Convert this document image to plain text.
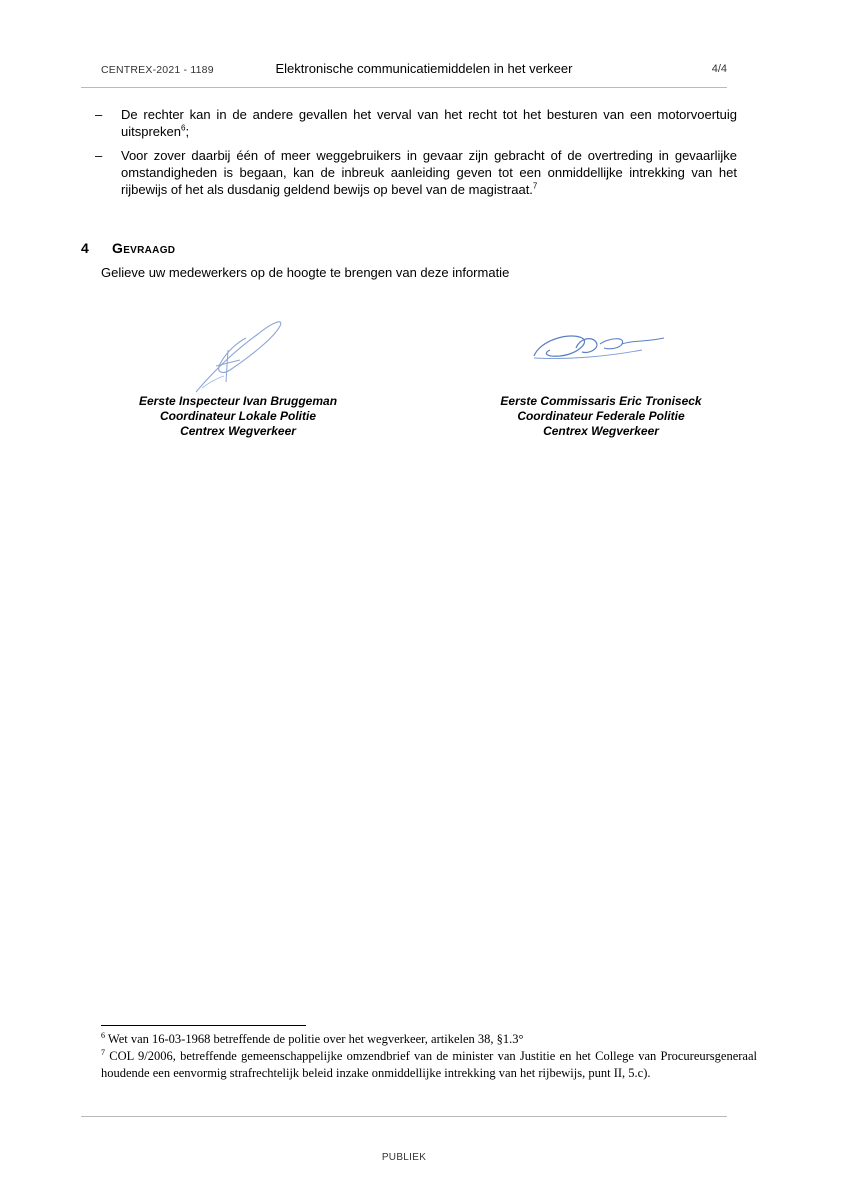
CENTREX-2021 - 1189	Elektronische communicatiemiddelen in het verkeer	4/4
–	De rechter kan in de andere gevallen het verval van het recht tot het besturen van een motorvoertuig uitspreken$^6$;
–	Voor zover daarbij één of meer weggebruikers in gevaar zijn gebracht of de overtreding in gevaarlijke omstandigheden is begaan, kan de inbreuk aanleiding geven tot een onmiddellijke intrekking van het rijbewijs of het als dusdanig geldend bewijs op bevel van de magistraat.$^7$
4 Gevraagd
Gelieve uw medewerkers op de hoogte te brengen van deze informatie
Eerste Inspecteur Ivan Bruggeman
Coordinateur Lokale Politie
Centrex Wegverkeer
Eerste Commissaris Eric Troniseck
Coordinateur Federale Politie
Centrex Wegverkeer
$^6$ Wet van 16-03-1968 betreffende de politie over het wegverkeer, artikelen 38, §1.3°
$^7$ COL 9/2006, betreffende gemeenschappelijke omzendbrief van de minister van Justitie en het College van Procureursgeneraal houdende een eenvormig strafrechtelijk beleid inzake onmiddellijke intrekking van het rijbewijs, punt II, 5.c).
PUBLIEK
